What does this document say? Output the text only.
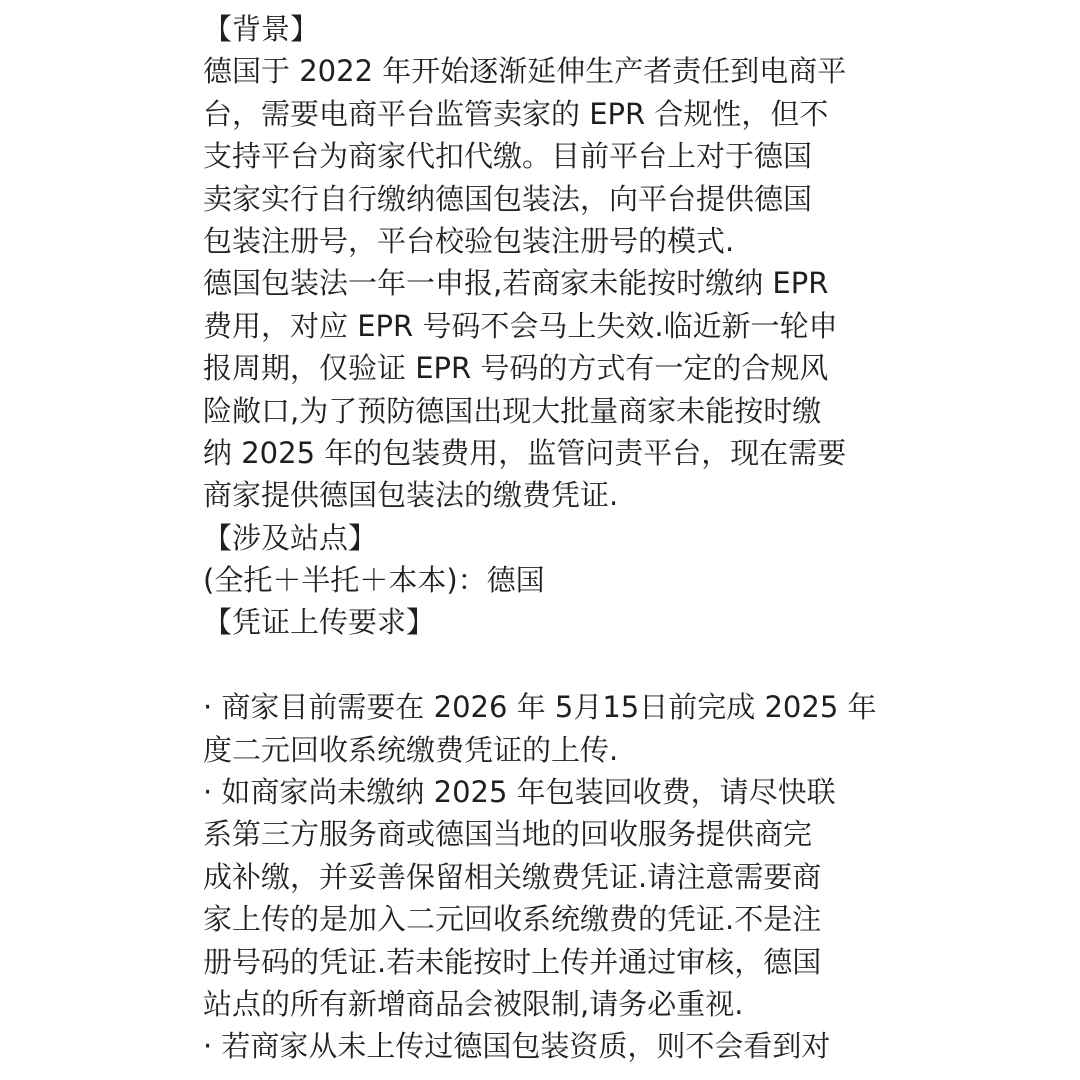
【背景】
德国于 2022 年开始逐渐延伸生产者责任到电商平
台，需要电商平台监管卖家的 EPR 合规性，但不
支持平台为商家代扣代缴。目前平台上对于德国
卖家实行自行缴纳德国包装法，向平台提供德国
包装注册号，平台校验包装注册号的模式.
德国包装法一年一申报,若商家未能按时缴纳 EPR
费用，对应 EPR 号码不会马上失效.临近新一轮申
报周期，仅验证 EPR 号码的方式有一定的合规风
险敞口,为了预防德国出现大批量商家未能按时缴
纳 2025 年的包装费用，监管问责平台，现在需要
商家提供德国包装法的缴费凭证.
【涉及站点】
(全托＋半托＋本本)：德国
【凭证上传要求】
· 商家目前需要在 2026 年 5月15日前完成 2025 年
度二元回收系统缴费凭证的上传.
· 如商家尚未缴纳 2025 年包装回收费，请尽快联
系第三方服务商或德国当地的回收服务提供商完
成补缴，并妥善保留相关缴费凭证.请注意需要商
家上传的是加入二元回收系统缴费的凭证.不是注
册号码的凭证.若未能按时上传并通过审核，德国
站点的所有新增商品会被限制,请务必重视.
· 若商家从未上传过德国包装资质，则不会看到对
